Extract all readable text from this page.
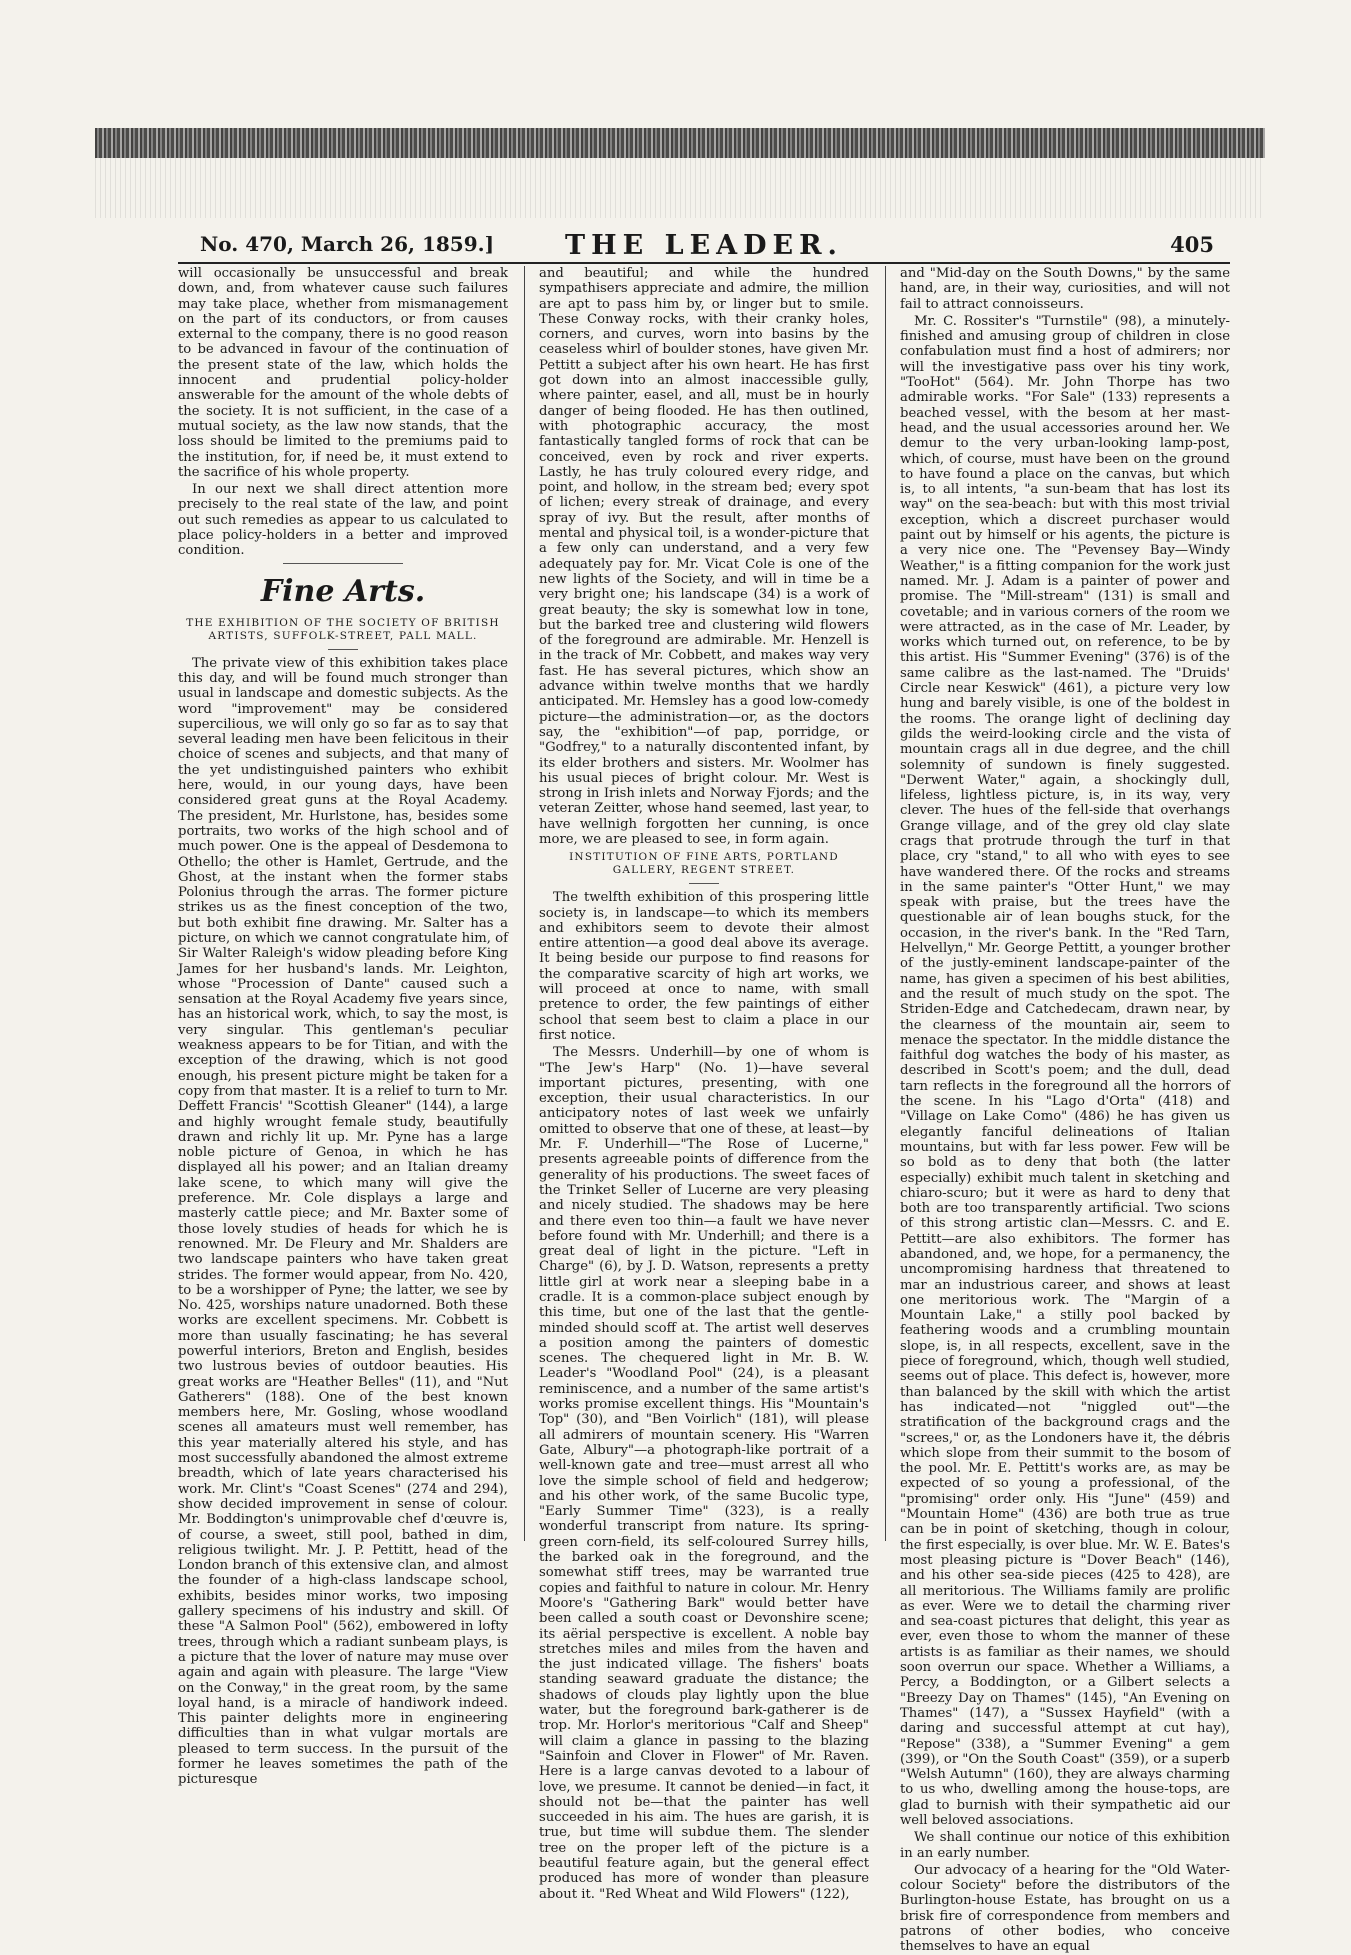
No. 470, March 26, 1859.]	THE LEADER.	405

will occasionally be unsuccessful and break down, and, from whatever cause such failures may take place, whether from mismanagement on the part of its conductors, or from causes external to the company, there is no good reason to be advanced in favour of the continuation of the present state of the law, which holds the innocent and prudential policy-holder answerable for the amount of the whole debts of the society. It is not sufficient, in the case of a mutual society, as the law now stands, that the loss should be limited to the premiums paid to the institution, for, if need be, it must extend to the sacrifice of his whole property.

In our next we shall direct attention more precisely to the real state of the law, and point out such remedies as appear to us calculated to place policy-holders in a better and improved condition.

Fine Arts.
THE EXHIBITION OF THE SOCIETY OF BRITISH ARTISTS, SUFFOLK-STREET, PALL MALL.

The private view of this exhibition takes place this day, and will be found much stronger than usual in landscape and domestic subjects. As the word "improvement" may be considered supercilious, we will only go so far as to say that several leading men have been felicitous in their choice of scenes and subjects, and that many of the yet undistinguished painters who exhibit here, would, in our young days, have been considered great guns at the Royal Academy. The president, Mr. Hurlstone, has, besides some portraits, two works of the high school and of much power. One is the appeal of Desdemona to Othello; the other is Hamlet, Gertrude, and the Ghost, at the instant when the former stabs Polonius through the arras. The former picture strikes us as the finest conception of the two, but both exhibit fine drawing. Mr. Salter has a picture, on which we cannot congratulate him, of Sir Walter Raleigh's widow pleading before King James for her husband's lands. Mr. Leighton, whose "Procession of Dante" caused such a sensation at the Royal Academy five years since, has an historical work, which, to say the most, is very singular. This gentleman's peculiar weakness appears to be for Titian, and with the exception of the drawing, which is not good enough, his present picture might be taken for a copy from that master. It is a relief to turn to Mr. Deffett Francis' "Scottish Gleaner" (144), a large and highly wrought female study, beautifully drawn and richly lit up. Mr. Pyne has a large noble picture of Genoa, in which he has displayed all his power; and an Italian dreamy lake scene, to which many will give the preference. Mr. Cole displays a large and masterly cattle piece; and Mr. Baxter some of those lovely studies of heads for which he is renowned. Mr. De Fleury and Mr. Shalders are two landscape painters who have taken great strides. The former would appear, from No. 420, to be a worshipper of Pyne; the latter, we see by No. 425, worships nature unadorned. Both these works are excellent specimens. Mr. Cobbett is more than usually fascinating; he has several powerful interiors, Breton and English, besides two lustrous bevies of outdoor beauties. His great works are "Heather Belles" (11), and "Nut Gatherers" (188). One of the best known members here, Mr. Gosling, whose woodland scenes all amateurs must well remember, has this year materially altered his style, and has most successfully abandoned the almost extreme breadth, which of late years characterised his work. Mr. Clint's "Coast Scenes" (274 and 294), show decided improvement in sense of colour. Mr. Boddington's unimprovable chef d'œuvre is, of course, a sweet, still pool, bathed in dim, religious twilight. Mr. J. P. Pettitt, head of the London branch of this extensive clan, and almost the founder of a high-class landscape school, exhibits, besides minor works, two imposing gallery specimens of his industry and skill. Of these "A Salmon Pool" (562), embowered in lofty trees, through which a radiant sunbeam plays, is a picture that the lover of nature may muse over again and again with pleasure. The large "View on the Conway," in the great room, by the same loyal hand, is a miracle of handiwork indeed. This painter delights more in engineering difficulties than in what vulgar mortals are pleased to term success. In the pursuit of the former he leaves sometimes the path of the picturesque

and beautiful; and while the hundred sympathisers appreciate and admire, the million are apt to pass him by, or linger but to smile. These Conway rocks, with their cranky holes, corners, and curves, worn into basins by the ceaseless whirl of boulder stones, have given Mr. Pettitt a subject after his own heart. He has first got down into an almost inaccessible gully, where painter, easel, and all, must be in hourly danger of being flooded. He has then outlined, with photographic accuracy, the most fantastically tangled forms of rock that can be conceived, even by rock and river experts. Lastly, he has truly coloured every ridge, and point, and hollow, in the stream bed; every spot of lichen; every streak of drainage, and every spray of ivy. But the result, after months of mental and physical toil, is a wonder-picture that a few only can understand, and a very few adequately pay for. Mr. Vicat Cole is one of the new lights of the Society, and will in time be a very bright one; his landscape (34) is a work of great beauty; the sky is somewhat low in tone, but the barked tree and clustering wild flowers of the foreground are admirable. Mr. Henzell is in the track of Mr. Cobbett, and makes way very fast. He has several pictures, which show an advance within twelve months that we hardly anticipated. Mr. Hemsley has a good low-comedy picture—the administration—or, as the doctors say, the "exhibition"—of pap, porridge, or "Godfrey," to a naturally discontented infant, by its elder brothers and sisters. Mr. Woolmer has his usual pieces of bright colour. Mr. West is strong in Irish inlets and Norway Fjords; and the veteran Zeitter, whose hand seemed, last year, to have wellnigh forgotten her cunning, is once more, we are pleased to see, in form again.

INSTITUTION OF FINE ARTS, PORTLAND GALLERY, REGENT STREET.

The twelfth exhibition of this prospering little society is, in landscape—to which its members and exhibitors seem to devote their almost entire attention—a good deal above its average. It being beside our purpose to find reasons for the comparative scarcity of high art works, we will proceed at once to name, with small pretence to order, the few paintings of either school that seem best to claim a place in our first notice.

The Messrs. Underhill—by one of whom is "The Jew's Harp" (No. 1)—have several important pictures, presenting, with one exception, their usual characteristics. In our anticipatory notes of last week we unfairly omitted to observe that one of these, at least—by Mr. F. Underhill—"The Rose of Lucerne," presents agreeable points of difference from the generality of his productions. The sweet faces of the Trinket Seller of Lucerne are very pleasing and nicely studied. The shadows may be here and there even too thin—a fault we have never before found with Mr. Underhill; and there is a great deal of light in the picture. "Left in Charge" (6), by J. D. Watson, represents a pretty little girl at work near a sleeping babe in a cradle. It is a common-place subject enough by this time, but one of the last that the gentle-minded should scoff at. The artist well deserves a position among the painters of domestic scenes. The chequered light in Mr. B. W. Leader's "Woodland Pool" (24), is a pleasant reminiscence, and a number of the same artist's works promise excellent things. His "Mountain's Top" (30), and "Ben Voirlich" (181), will please all admirers of mountain scenery. His "Warren Gate, Albury"—a photograph-like portrait of a well-known gate and tree—must arrest all who love the simple school of field and hedgerow; and his other work, of the same Bucolic type, "Early Summer Time" (323), is a really wonderful transcript from nature. Its spring-green corn-field, its self-coloured Surrey hills, the barked oak in the foreground, and the somewhat stiff trees, may be warranted true copies and faithful to nature in colour. Mr. Henry Moore's "Gathering Bark" would better have been called a south coast or Devonshire scene; its aërial perspective is excellent. A noble bay stretches miles and miles from the haven and the just indicated village. The fishers' boats standing seaward graduate the distance; the shadows of clouds play lightly upon the blue water, but the foreground bark-gatherer is de trop. Mr. Horlor's meritorious "Calf and Sheep" will claim a glance in passing to the blazing "Sainfoin and Clover in Flower" of Mr. Raven. Here is a large canvas devoted to a labour of love, we presume. It cannot be denied—in fact, it should not be—that the painter has well succeeded in his aim. The hues are garish, it is true, but time will subdue them. The slender tree on the proper left of the picture is a beautiful feature again, but the general effect produced has more of wonder than pleasure about it. "Red Wheat and Wild Flowers" (122),

and "Mid-day on the South Downs," by the same hand, are, in their way, curiosities, and will not fail to attract connoisseurs.

Mr. C. Rossiter's "Turnstile" (98), a minutely-finished and amusing group of children in close confabulation must find a host of admirers; nor will the investigative pass over his tiny work, "TooHot" (564). Mr. John Thorpe has two admirable works. "For Sale" (133) represents a beached vessel, with the besom at her mast-head, and the usual accessories around her. We demur to the very urban-looking lamp-post, which, of course, must have been on the ground to have found a place on the canvas, but which is, to all intents, "a sun-beam that has lost its way" on the sea-beach: but with this most trivial exception, which a discreet purchaser would paint out by himself or his agents, the picture is a very nice one. The "Pevensey Bay—Windy Weather," is a fitting companion for the work just named. Mr. J. Adam is a painter of power and promise. The "Mill-stream" (131) is small and covetable; and in various corners of the room we were attracted, as in the case of Mr. Leader, by works which turned out, on reference, to be by this artist. His "Summer Evening" (376) is of the same calibre as the last-named. The "Druids' Circle near Keswick" (461), a picture very low hung and barely visible, is one of the boldest in the rooms. The orange light of declining day gilds the weird-looking circle and the vista of mountain crags all in due degree, and the chill solemnity of sundown is finely suggested. "Derwent Water," again, a shockingly dull, lifeless, lightless picture, is, in its way, very clever. The hues of the fell-side that overhangs Grange village, and of the grey old clay slate crags that protrude through the turf in that place, cry "stand," to all who with eyes to see have wandered there. Of the rocks and streams in the same painter's "Otter Hunt," we may speak with praise, but the trees have the questionable air of lean boughs stuck, for the occasion, in the river's bank. In the "Red Tarn, Helvellyn," Mr. George Pettitt, a younger brother of the justly-eminent landscape-painter of the name, has given a specimen of his best abilities, and the result of much study on the spot. The Striden-Edge and Catchedecam, drawn near, by the clearness of the mountain air, seem to menace the spectator. In the middle distance the faithful dog watches the body of his master, as described in Scott's poem; and the dull, dead tarn reflects in the foreground all the horrors of the scene. In his "Lago d'Orta" (418) and "Village on Lake Como" (486) he has given us elegantly fanciful delineations of Italian mountains, but with far less power. Few will be so bold as to deny that both (the latter especially) exhibit much talent in sketching and chiaro-scuro; but it were as hard to deny that both are too transparently artificial. Two scions of this strong artistic clan—Messrs. C. and E. Pettitt—are also exhibitors. The former has abandoned, and, we hope, for a permanency, the uncompromising hardness that threatened to mar an industrious career, and shows at least one meritorious work. The "Margin of a Mountain Lake," a stilly pool backed by feathering woods and a crumbling mountain slope, is, in all respects, excellent, save in the piece of foreground, which, though well studied, seems out of place. This defect is, however, more than balanced by the skill with which the artist has indicated—not "niggled out"—the stratification of the background crags and the "screes," or, as the Londoners have it, the débris which slope from their summit to the bosom of the pool. Mr. E. Pettitt's works are, as may be expected of so young a professional, of the "promising" order only. His "June" (459) and "Mountain Home" (436) are both true as true can be in point of sketching, though in colour, the first especially, is over blue. Mr. W. E. Bates's most pleasing picture is "Dover Beach" (146), and his other sea-side pieces (425 to 428), are all meritorious. The Williams family are prolific as ever. Were we to detail the charming river and sea-coast pictures that delight, this year as ever, even those to whom the manner of these artists is as familiar as their names, we should soon overrun our space. Whether a Williams, a Percy, a Boddington, or a Gilbert selects a "Breezy Day on Thames" (145), "An Evening on Thames" (147), a "Sussex Hayfield" (with a daring and successful attempt at cut hay), "Repose" (338), a "Summer Evening" a gem (399), or "On the South Coast" (359), or a superb "Welsh Autumn" (160), they are always charming to us who, dwelling among the house-tops, are glad to burnish with their sympathetic aid our well beloved associations.

We shall continue our notice of this exhibition in an early number.

Our advocacy of a hearing for the "Old Water-colour Society" before the distributors of the Burlington-house Estate, has brought on us a brisk fire of correspondence from members and patrons of other bodies, who conceive themselves to have an equal
